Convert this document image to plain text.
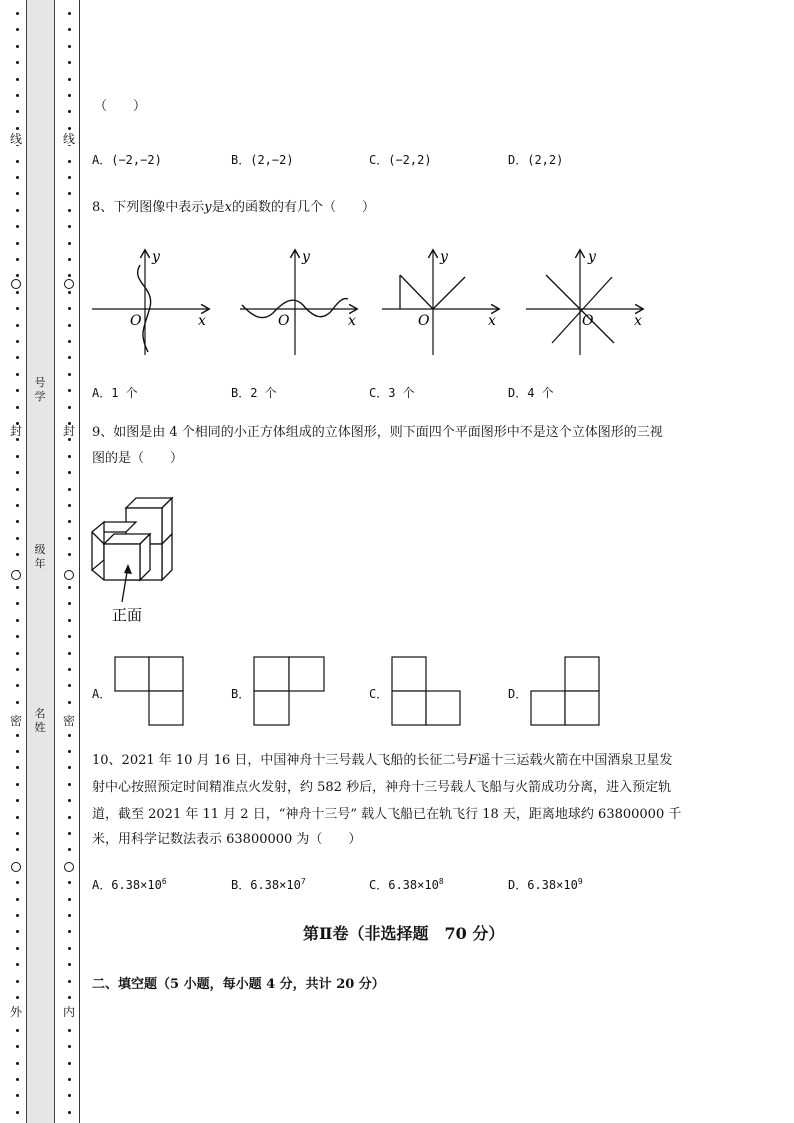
线
封
密
外
线
封
密
内
号学
级年
名姓
（　　）
A．(−2,−2)	B．(2,−2)	C．(−2,2)	D．(2,2)
8、下列图像中表示y是x的函数的有几个（　　）
y
x
O
y
x
O
y
x
O
y
x
O
A．1 个	B．2 个	C．3 个	D．4 个
9、如图是由 4 个相同的小正方体组成的立体图形，则下面四个平面图形中不是这个立体图形的三视
图的是（　　）
正面
A．	B．	C．	D．
10、2021 年 10 月 16 日，中国神舟十三号载人飞船的长征二号F遥十三运载火箭在中国酒泉卫星发
射中心按照预定时间精准点火发射，约 582 秒后，神舟十三号载人飞船与火箭成功分离，进入预定轨
道，截至 2021 年 11 月 2 日，“神舟十三号” 载人飞船已在轨飞行 18 天，距离地球约 63800000 千
米，用科学记数法表示 63800000 为（　　）
A．$6.38\times 10^6$	B．$6.38\times 10^7$	C．$6.38\times 10^8$	D．$6.38\times 10^9$
第Ⅱ卷（非选择题　70 分）
二、填空题（5 小题，每小题 4 分，共计 20 分）
